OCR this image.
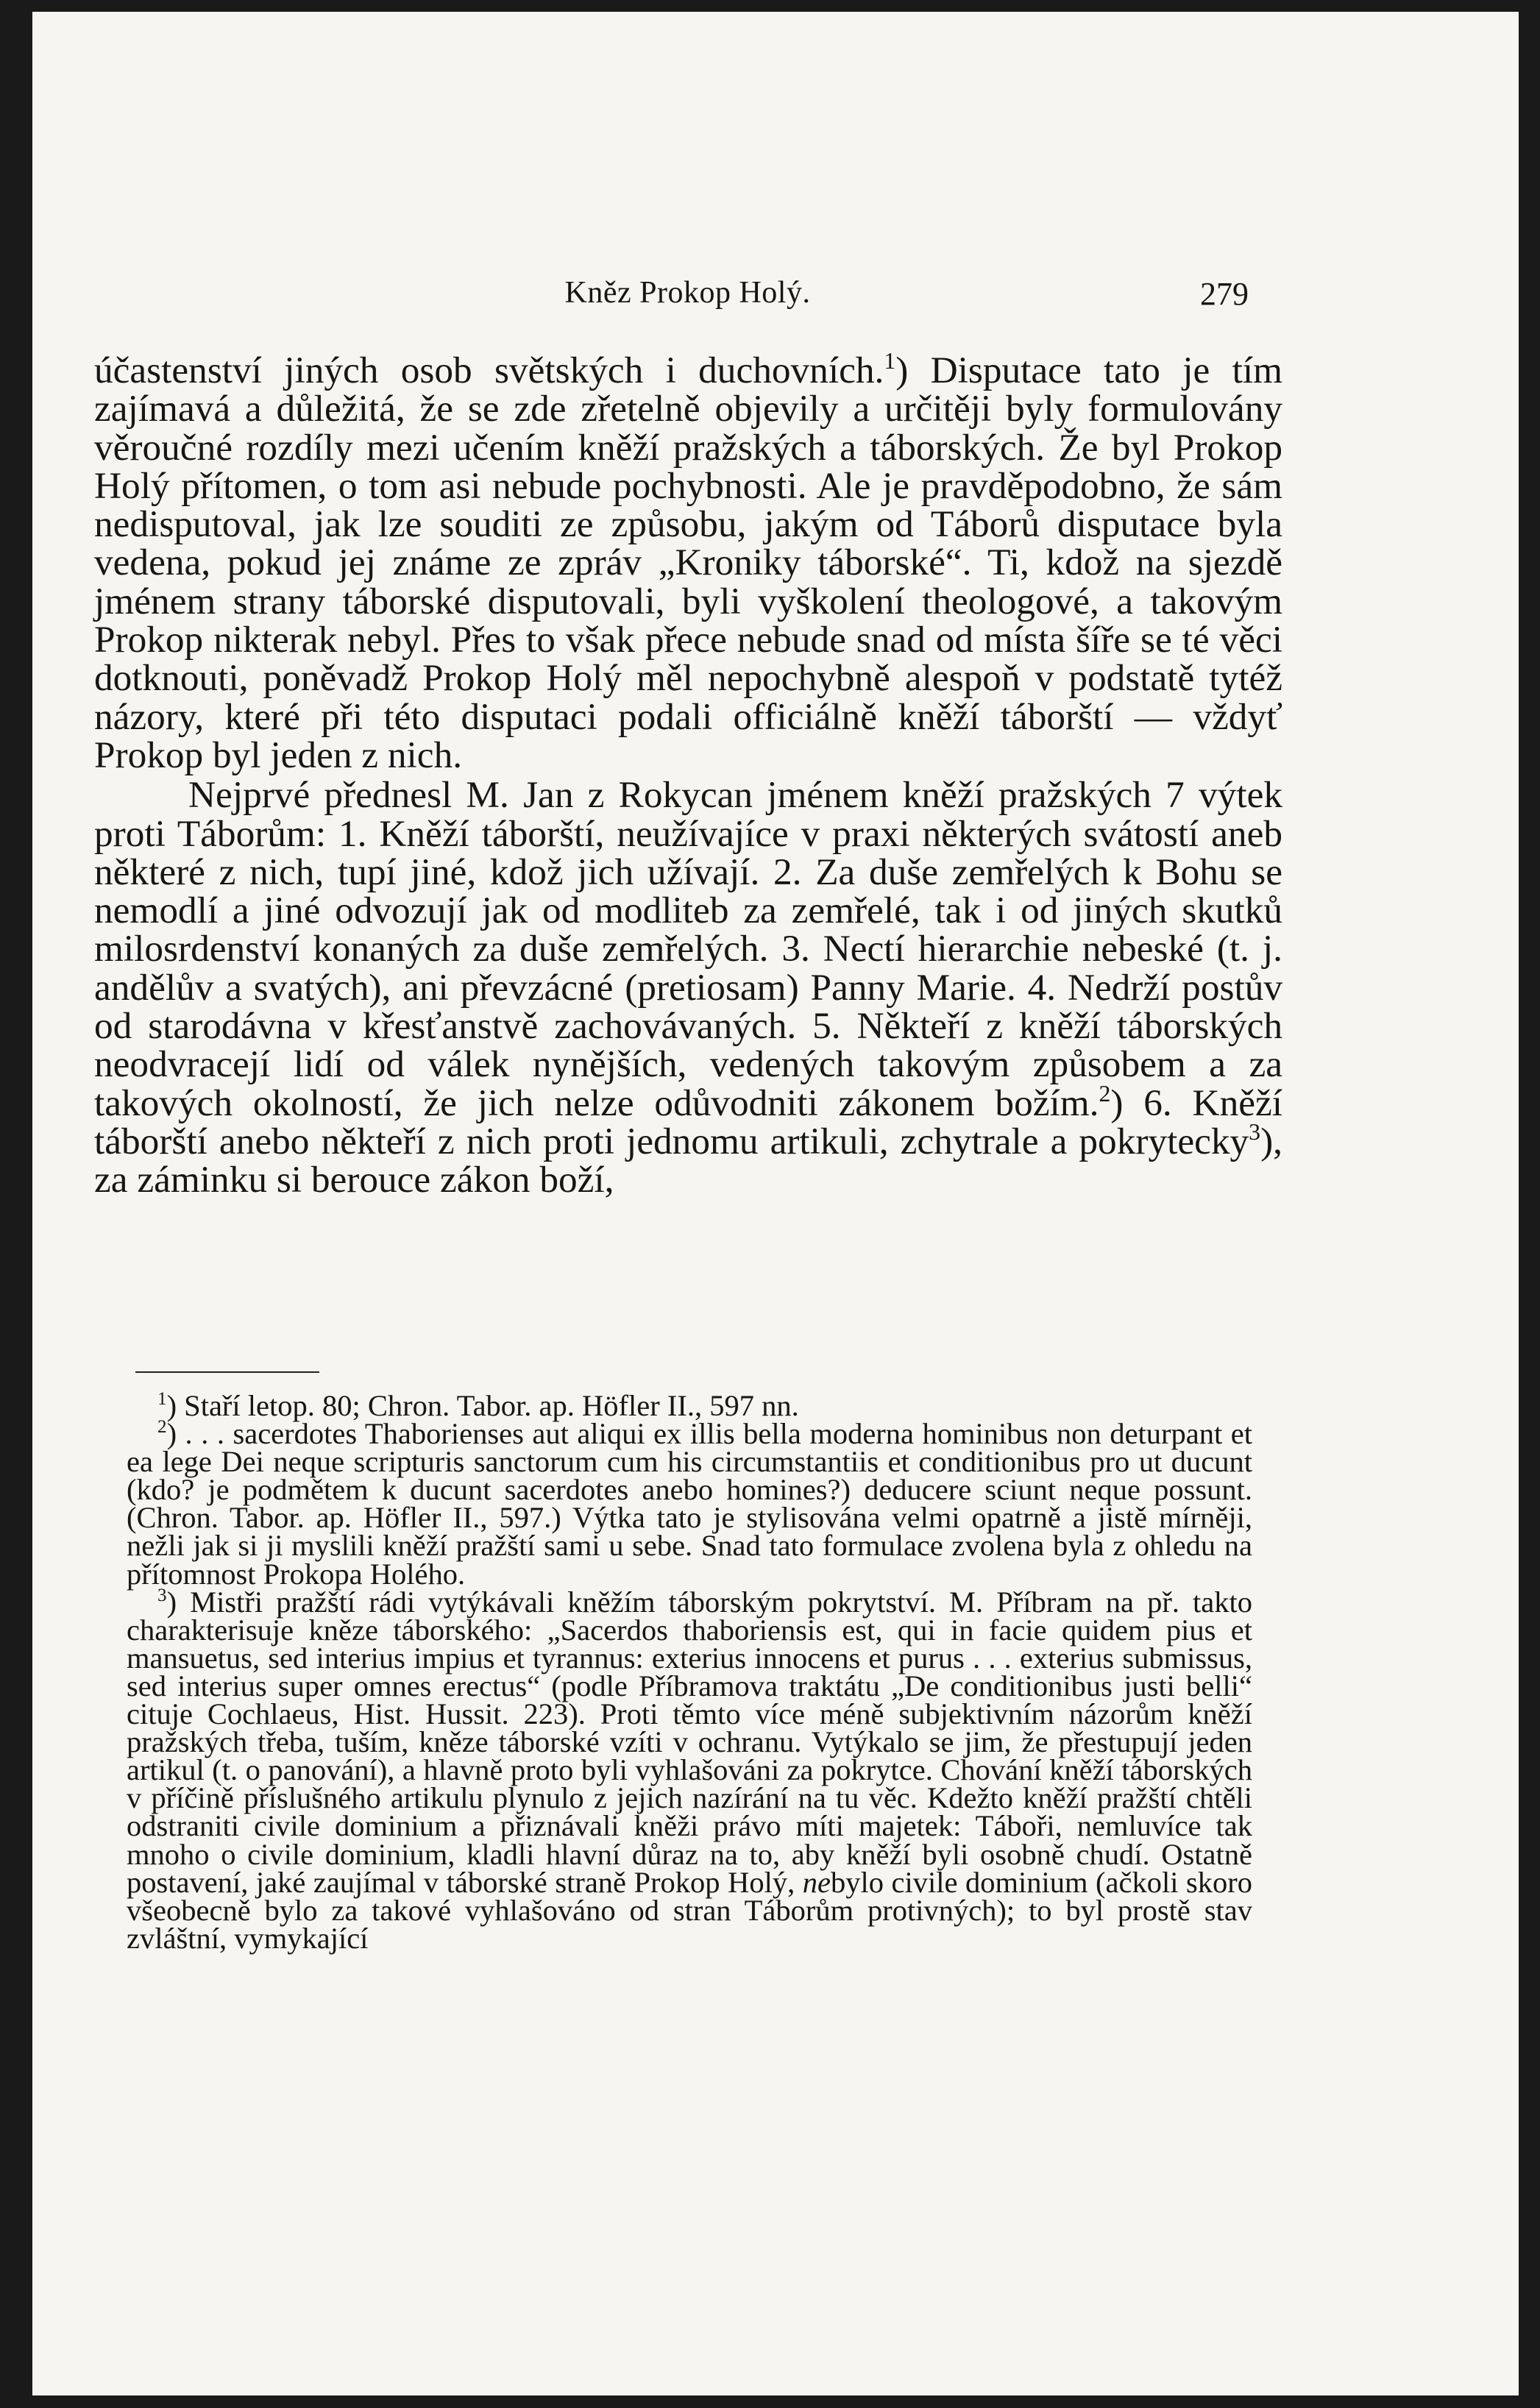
Kněz Prokop Holý.	279

účastenství jiných osob světských i duchovních.$^1$) Disputace tato je tím zajímavá a důležitá, že se zde zřetelně objevily a určitěji byly formulovány věroučné rozdíly mezi učením kněží pražských a táborských. Že byl Prokop Holý přítomen, o tom asi nebude pochybnosti. Ale je pravděpodobno, že sám nedisputoval, jak lze souditi ze způsobu, jakým od Táborů disputace byla vedena, pokud jej známe ze zpráv „Kroniky táborské“. Ti, kdož na sjezdě jménem strany táborské disputovali, byli vyškolení theologové, a takovým Prokop nikterak nebyl. Přes to však přece nebude snad od místa šíře se té věci dotknouti, poněvadž Prokop Holý měl nepochybně alespoň v podstatě tytéž názory, které při této disputaci podali officiálně kněží táborští — vždyť Prokop byl jeden z nich.

Nejprvé přednesl M. Jan z Rokycan jménem kněží pražských 7 výtek proti Táborům: 1. Kněží táborští, neužívajíce v praxi některých svátostí aneb některé z nich, tupí jiné, kdož jich užívají. 2. Za duše zemřelých k Bohu se nemodlí a jiné odvozují jak od modliteb za zemřelé, tak i od jiných skutků milosrdenství konaných za duše zemřelých. 3. Nectí hierarchie nebeské (t. j. andělův a svatých), ani převzácné (pretiosam) Panny Marie. 4. Nedrží postův od starodávna v křesťanstvě zachovávaných. 5. Někteří z kněží táborských neodvracejí lidí od válek nynějších, vedených takovým způsobem a za takových okolností, že jich nelze odůvodniti zákonem božím.$^2$) 6. Kněží táborští anebo někteří z nich proti jednomu artikuli, zchytrale a pokrytecky$^3$), za záminku si berouce zákon boží,

$^1$) Staří letop. 80; Chron. Tabor. ap. Höfler II., 597 nn.

$^2$) . . . sacerdotes Thaborienses aut aliqui ex illis bella moderna hominibus non deturpant et ea lege Dei neque scripturis sanctorum cum his circumstantiis et conditionibus pro ut ducunt (kdo? je podmětem k ducunt sacerdotes anebo homines?) deducere sciunt neque possunt. (Chron. Tabor. ap. Höfler II., 597.) Výtka tato je stylisována velmi opatrně a jistě mírněji, nežli jak si ji myslili kněží pražští sami u sebe. Snad tato formulace zvolena byla z ohledu na přítomnost Prokopa Holého.

$^3$) Mistři pražští rádi vytýkávali kněžím táborským pokrytství. M. Příbram na př. takto charakterisuje kněze táborského: „Sacerdos thaboriensis est, qui in facie quidem pius et mansuetus, sed interius impius et tyrannus: exterius innocens et purus . . . exterius submissus, sed interius super omnes erectus“ (podle Příbramova traktátu „De conditionibus justi belli“ cituje Cochlaeus, Hist. Hussit. 223). Proti těmto více méně subjektivním názorům kněží pražských třeba, tuším, kněze táborské vzíti v ochranu. Vytýkalo se jim, že přestupují jeden artikul (t. o panování), a hlavně proto byli vyhlašováni za pokrytce. Chování kněží táborských v příčině příslušného artikulu plynulo z jejich nazírání na tu věc. Kdežto kněží pražští chtěli odstraniti civile dominium a přiznávali kněži právo míti majetek: Táboři, nemluvíce tak mnoho o civile dominium, kladli hlavní důraz na to, aby kněží byli osobně chudí. Ostatně postavení, jaké zaujímal v táborské straně Prokop Holý, nebylo civile dominium (ačkoli skoro všeobecně bylo za takové vyhlašováno od stran Táborům protivných); to byl prostě stav zvláštní, vymykající
